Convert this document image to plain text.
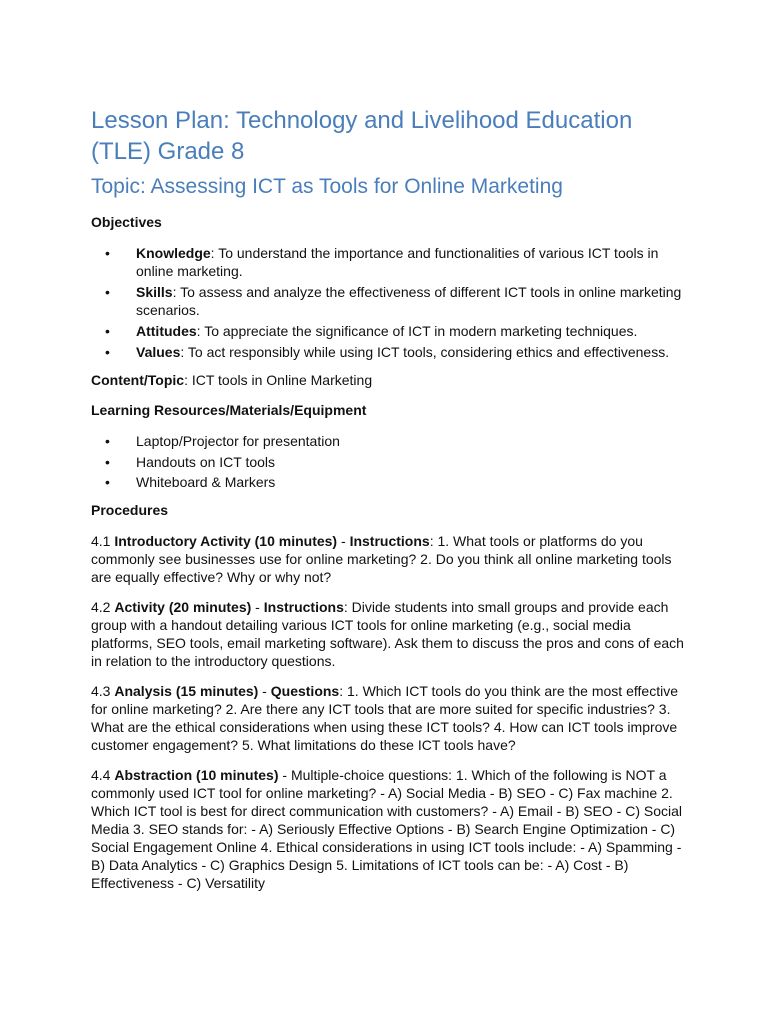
Lesson Plan: Technology and Livelihood Education (TLE) Grade 8
Topic: Assessing ICT as Tools for Online Marketing

Objectives

• Knowledge: To understand the importance and functionalities of various ICT tools in online marketing.
• Skills: To assess and analyze the effectiveness of different ICT tools in online marketing scenarios.
• Attitudes: To appreciate the significance of ICT in modern marketing techniques.
• Values: To act responsibly while using ICT tools, considering ethics and effectiveness.

Content/Topic: ICT tools in Online Marketing

Learning Resources/Materials/Equipment

• Laptop/Projector for presentation
• Handouts on ICT tools
• Whiteboard & Markers

Procedures

4.1 Introductory Activity (10 minutes) - Instructions: 1. What tools or platforms do you commonly see businesses use for online marketing? 2. Do you think all online marketing tools are equally effective? Why or why not?

4.2 Activity (20 minutes) - Instructions: Divide students into small groups and provide each group with a handout detailing various ICT tools for online marketing (e.g., social media platforms, SEO tools, email marketing software). Ask them to discuss the pros and cons of each in relation to the introductory questions.

4.3 Analysis (15 minutes) - Questions: 1. Which ICT tools do you think are the most effective for online marketing? 2. Are there any ICT tools that are more suited for specific industries? 3. What are the ethical considerations when using these ICT tools? 4. How can ICT tools improve customer engagement? 5. What limitations do these ICT tools have?

4.4 Abstraction (10 minutes) - Multiple-choice questions: 1. Which of the following is NOT a commonly used ICT tool for online marketing? - A) Social Media - B) SEO - C) Fax machine 2. Which ICT tool is best for direct communication with customers? - A) Email - B) SEO - C) Social Media 3. SEO stands for: - A) Seriously Effective Options - B) Search Engine Optimization - C) Social Engagement Online 4. Ethical considerations in using ICT tools include: - A) Spamming - B) Data Analytics - C) Graphics Design 5. Limitations of ICT tools can be: - A) Cost - B) Effectiveness - C) Versatility
